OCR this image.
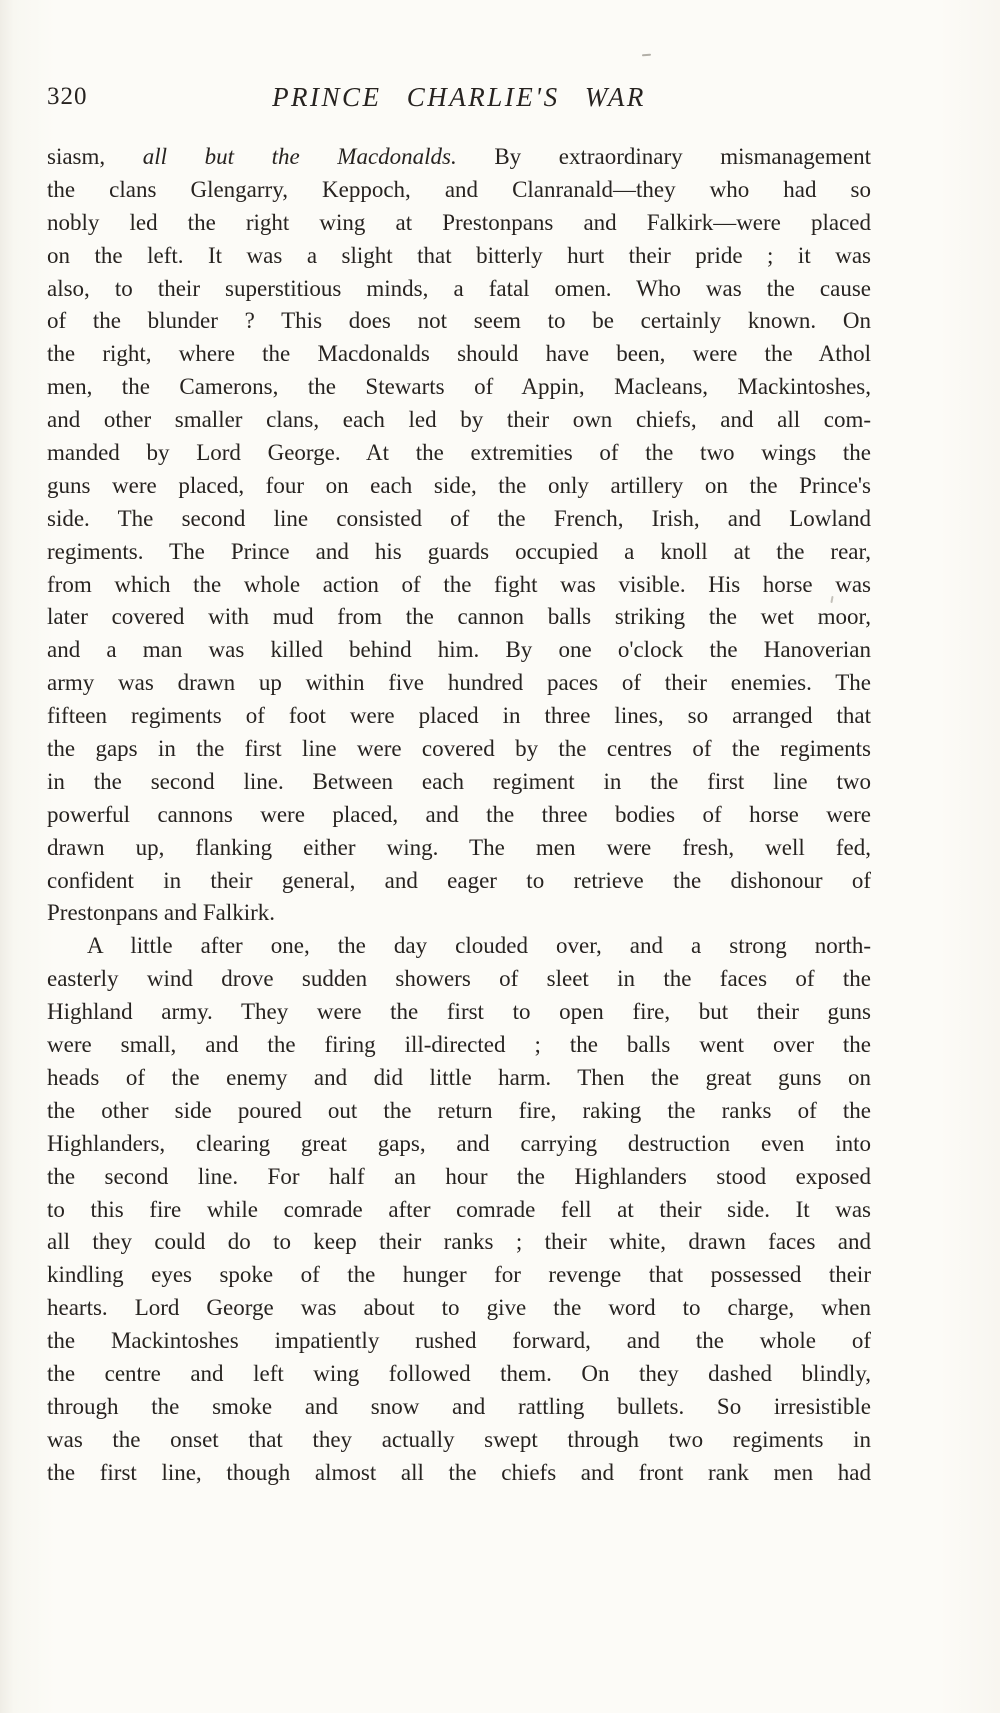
320	PRINCE CHARLIE'S WAR
siasm, all but the Macdonalds. By extraordinary mismanagement
the clans Glengarry, Keppoch, and Clanranald—they who had so
nobly led the right wing at Prestonpans and Falkirk—were placed
on the left. It was a slight that bitterly hurt their pride ; it was
also, to their superstitious minds, a fatal omen. Who was the cause
of the blunder ? This does not seem to be certainly known. On
the right, where the Macdonalds should have been, were the Athol
men, the Camerons, the Stewarts of Appin, Macleans, Mackintoshes,
and other smaller clans, each led by their own chiefs, and all com-
manded by Lord George. At the extremities of the two wings the
guns were placed, four on each side, the only artillery on the Prince's
side. The second line consisted of the French, Irish, and Lowland
regiments. The Prince and his guards occupied a knoll at the rear,
from which the whole action of the fight was visible. His horse was
later covered with mud from the cannon balls striking the wet moor,
and a man was killed behind him. By one o'clock the Hanoverian
army was drawn up within five hundred paces of their enemies. The
fifteen regiments of foot were placed in three lines, so arranged that
the gaps in the first line were covered by the centres of the regiments
in the second line. Between each regiment in the first line two
powerful cannons were placed, and the three bodies of horse were
drawn up, flanking either wing. The men were fresh, well fed,
confident in their general, and eager to retrieve the dishonour of
Prestonpans and Falkirk.
A little after one, the day clouded over, and a strong north-
easterly wind drove sudden showers of sleet in the faces of the
Highland army. They were the first to open fire, but their guns
were small, and the firing ill-directed ; the balls went over the
heads of the enemy and did little harm. Then the great guns on
the other side poured out the return fire, raking the ranks of the
Highlanders, clearing great gaps, and carrying destruction even into
the second line. For half an hour the Highlanders stood exposed
to this fire while comrade after comrade fell at their side. It was
all they could do to keep their ranks ; their white, drawn faces and
kindling eyes spoke of the hunger for revenge that possessed their
hearts. Lord George was about to give the word to charge, when
the Mackintoshes impatiently rushed forward, and the whole of
the centre and left wing followed them. On they dashed blindly,
through the smoke and snow and rattling bullets. So irresistible
was the onset that they actually swept through two regiments in
the first line, though almost all the chiefs and front rank men had
